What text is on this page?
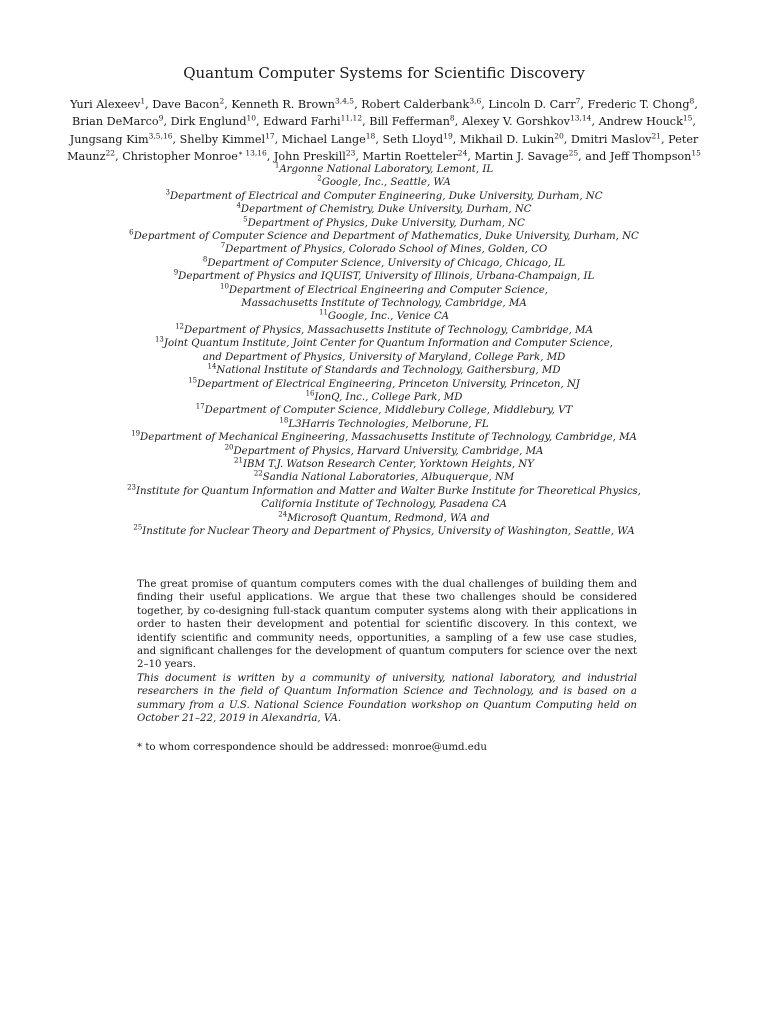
Quantum Computer Systems for Scientific Discovery

Yuri Alexeev$^1$, Dave Bacon$^2$, Kenneth R. Brown$^{3,4,5}$, Robert Calderbank$^{3,6}$, Lincoln D. Carr$^7$, Frederic T. Chong$^8$, Brian DeMarco$^9$, Dirk Englund$^{10}$, Edward Farhi$^{11,12}$, Bill Fefferman$^8$, Alexey V. Gorshkov$^{13,14}$, Andrew Houck$^{15}$, Jungsang Kim$^{3,5,16}$, Shelby Kimmel$^{17}$, Michael Lange$^{18}$, Seth Lloyd$^{19}$, Mikhail D. Lukin$^{20}$, Dmitri Maslov$^{21}$, Peter Maunz$^{22}$, Christopher Monroe$^{∗ 13,16}$, John Preskill$^{23}$, Martin Roetteler$^{24}$, Martin J. Savage$^{25}$, and Jeff Thompson$^{15}$

$^1$Argonne National Laboratory, Lemont, IL

$^2$Google, Inc., Seattle, WA

$^3$Department of Electrical and Computer Engineering, Duke University, Durham, NC

$^4$Department of Chemistry, Duke University, Durham, NC

$^5$Department of Physics, Duke University, Durham, NC

$^6$Department of Computer Science and Department of Mathematics, Duke University, Durham, NC

$^7$Department of Physics, Colorado School of Mines, Golden, CO

$^8$Department of Computer Science, University of Chicago, Chicago, IL

$^9$Department of Physics and IQUIST, University of Illinois, Urbana-Champaign, IL

$^{10}$Department of Electrical Engineering and Computer Science,

Massachusetts Institute of Technology, Cambridge, MA

$^{11}$Google, Inc., Venice CA

$^{12}$Department of Physics, Massachusetts Institute of Technology, Cambridge, MA

$^{13}$Joint Quantum Institute, Joint Center for Quantum Information and Computer Science,

and Department of Physics, University of Maryland, College Park, MD

$^{14}$National Institute of Standards and Technology, Gaithersburg, MD

$^{15}$Department of Electrical Engineering, Princeton University, Princeton, NJ

$^{16}$IonQ, Inc., College Park, MD

$^{17}$Department of Computer Science, Middlebury College, Middlebury, VT

$^{18}$L3Harris Technologies, Melborune, FL

$^{19}$Department of Mechanical Engineering, Massachusetts Institute of Technology, Cambridge, MA

$^{20}$Department of Physics, Harvard University, Cambridge, MA

$^{21}$IBM T.J. Watson Research Center, Yorktown Heights, NY

$^{22}$Sandia National Laboratories, Albuquerque, NM

$^{23}$Institute for Quantum Information and Matter and Walter Burke Institute for Theoretical Physics,

California Institute of Technology, Pasadena CA

$^{24}$Microsoft Quantum, Redmond, WA and

$^{25}$Institute for Nuclear Theory and Department of Physics, University of Washington, Seattle, WA

The great promise of quantum computers comes with the dual challenges of building them and finding their useful applications. We argue that these two challenges should be considered together, by co-designing full-stack quantum computer systems along with their applications in order to hasten their development and potential for scientific discovery. In this context, we identify scientific and community needs, opportunities, a sampling of a few use case studies, and significant challenges for the development of quantum computers for science over the next 2–10 years.

This document is written by a community of university, national laboratory, and industrial researchers in the field of Quantum Information Science and Technology, and is based on a summary from a U.S. National Science Foundation workshop on Quantum Computing held on October 21–22, 2019 in Alexandria, VA.

* to whom correspondence should be addressed: monroe@umd.edu
